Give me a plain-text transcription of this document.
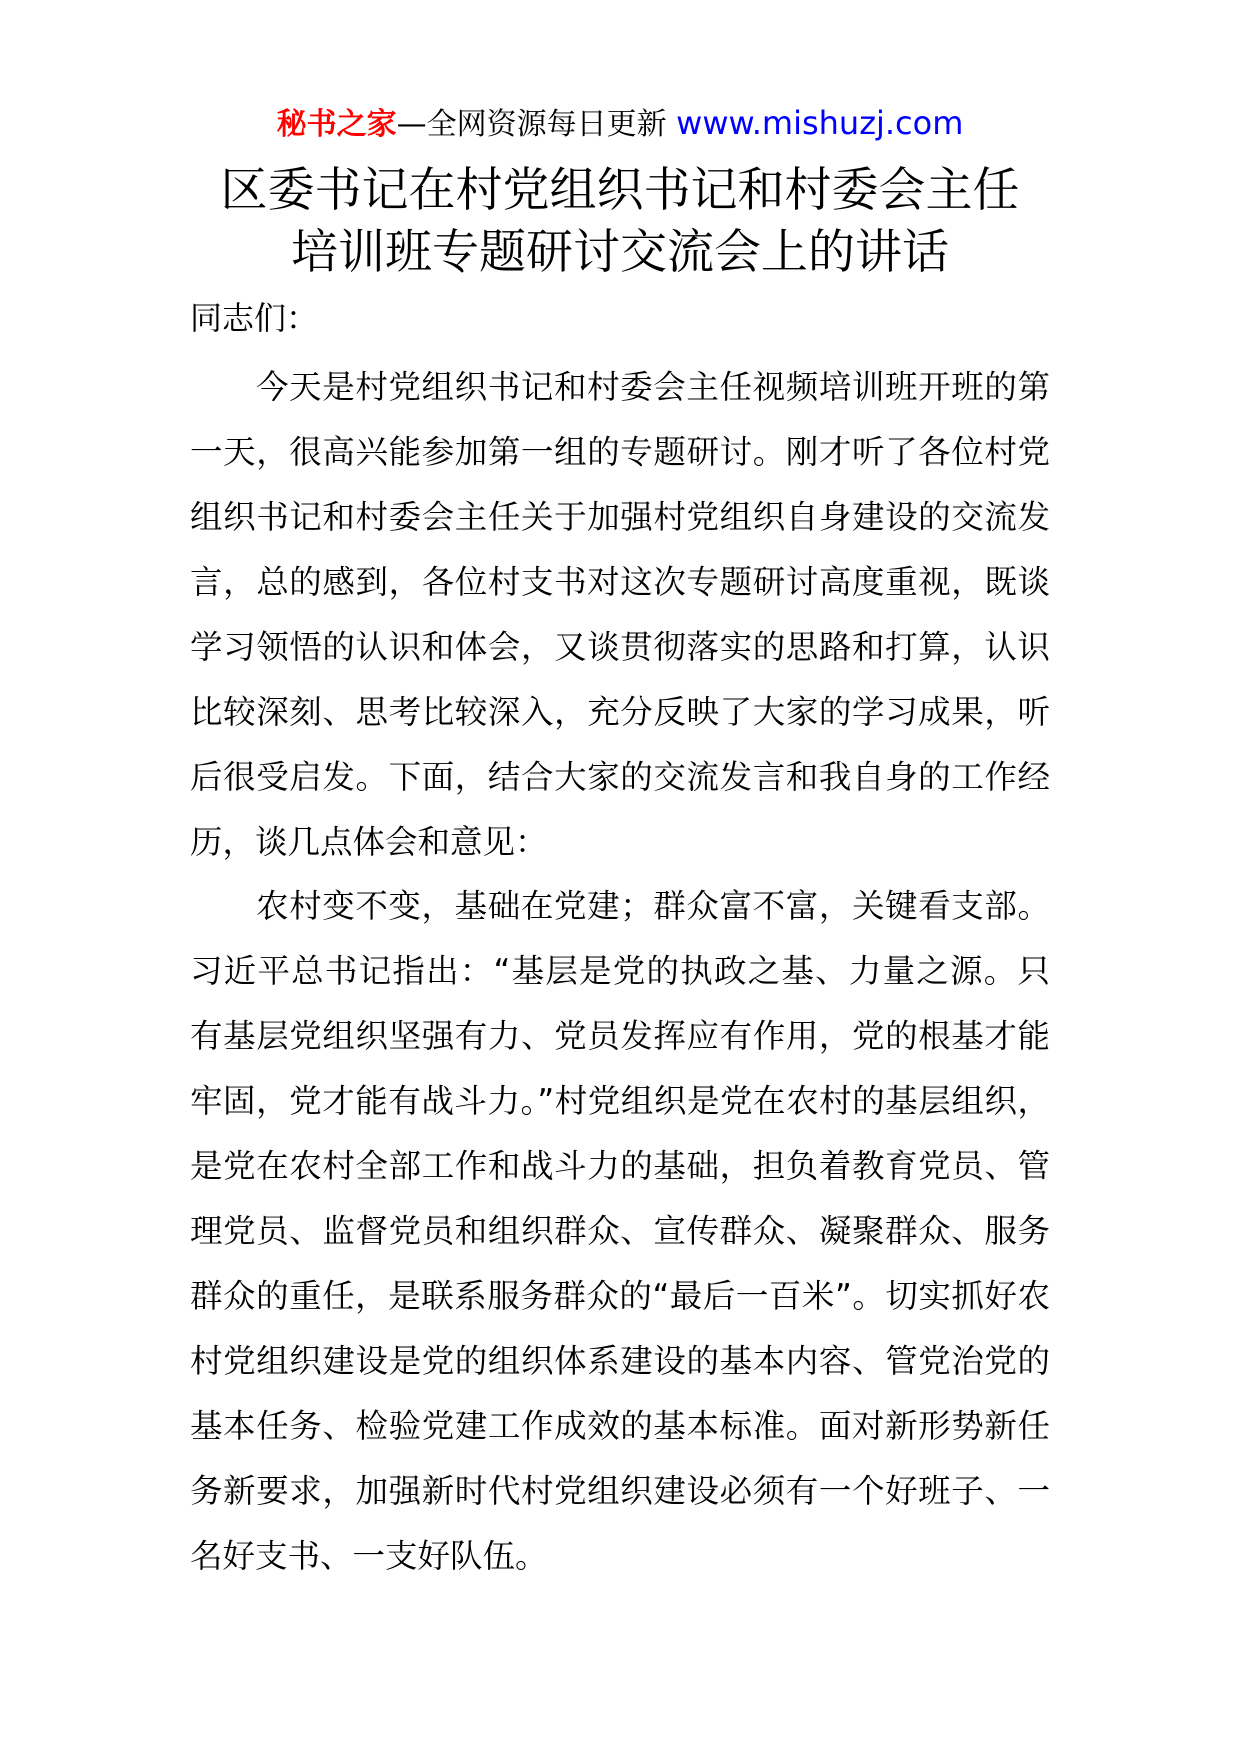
秘书之家—全网资源每日更新 www.mishuzj.com
区委书记在村党组织书记和村委会主任
培训班专题研讨交流会上的讲话
同志们：

今天是村党组织书记和村委会主任视频培训班开班的第一天，很高兴能参加第一组的专题研讨。刚才听了各位村党组织书记和村委会主任关于加强村党组织自身建设的交流发言，总的感到，各位村支书对这次专题研讨高度重视，既谈学习领悟的认识和体会，又谈贯彻落实的思路和打算，认识比较深刻、思考比较深入，充分反映了大家的学习成果，听后很受启发。下面，结合大家的交流发言和我自身的工作经历，谈几点体会和意见：

农村变不变，基础在党建；群众富不富，关键看支部。习近平总书记指出：“基层是党的执政之基、力量之源。只有基层党组织坚强有力、党员发挥应有作用，党的根基才能牢固，党才能有战斗力。”村党组织是党在农村的基层组织，是党在农村全部工作和战斗力的基础，担负着教育党员、管理党员、监督党员和组织群众、宣传群众、凝聚群众、服务群众的重任，是联系服务群众的“最后一百米”。切实抓好农村党组织建设是党的组织体系建设的基本内容、管党治党的基本任务、检验党建工作成效的基本标准。面对新形势新任务新要求，加强新时代村党组织建设必须有一个好班子、一名好支书、一支好队伍。
